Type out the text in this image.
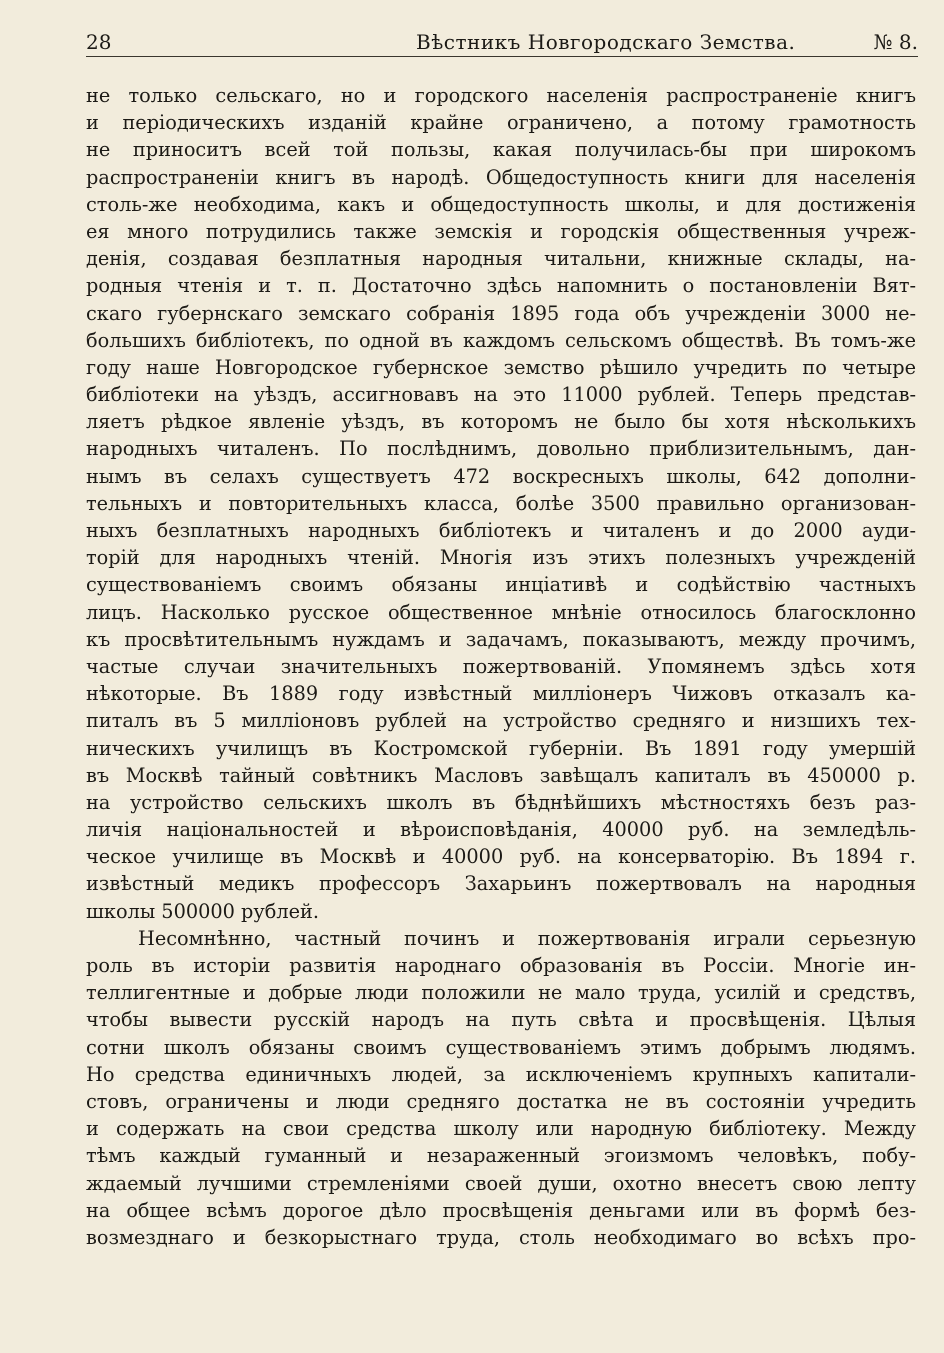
28	Вѣстникъ Новгородскаго Земства.	№ 8.
не только сельскаго, но и городского населенія распространеніе книгъ
и періодическихъ изданій крайне ограничено, а потому грамотность
не приноситъ всей той пользы, какая получилась-бы при широкомъ
распространеніи книгъ въ народѣ. Общедоступность книги для населенія
столь-же необходима, какъ и общедоступность школы, и для достиженія
ея много потрудились также земскія и городскія общественныя учреж-
денія, создавая безплатныя народныя читальни, книжные склады, на-
родныя чтенія и т. п. Достаточно здѣсь напомнить о постановленіи Вят-
скаго губернскаго земскаго собранія 1895 года объ учрежденіи 3000 не-
большихъ библіотекъ, по одной въ каждомъ сельскомъ обществѣ. Въ томъ-же
году наше Новгородское губернское земство рѣшило учредить по четыре
библіотеки на уѣздъ, ассигновавъ на это 11000 рублей. Теперь представ-
ляетъ рѣдкое явленіе уѣздъ, въ которомъ не было бы хотя нѣсколькихъ
народныхъ читаленъ. По послѣднимъ, довольно приблизительнымъ, дан-
нымъ въ селахъ существуетъ 472 воскресныхъ школы, 642 дополни-
тельныхъ и повторительныхъ класса, болѣе 3500 правильно организован-
ныхъ безплатныхъ народныхъ библіотекъ и читаленъ и до 2000 ауди-
торій для народныхъ чтеній. Многія изъ этихъ полезныхъ учрежденій
существованіемъ своимъ обязаны инціативѣ и содѣйствію частныхъ
лицъ. Насколько русское общественное мнѣніе относилось благосклонно
къ просвѣтительнымъ нуждамъ и задачамъ, показываютъ, между прочимъ,
частые случаи значительныхъ пожертвованій. Упомянемъ здѣсь хотя
нѣкоторые. Въ 1889 году извѣстный милліонеръ Чижовъ отказалъ ка-
питалъ въ 5 милліоновъ рублей на устройство средняго и низшихъ тех-
ническихъ училищъ въ Костромской губерніи. Въ 1891 году умершій
въ Москвѣ тайный совѣтникъ Масловъ завѣщалъ капиталъ въ 450000 р.
на устройство сельскихъ школъ въ бѣднѣйшихъ мѣстностяхъ безъ раз-
личія національностей и вѣроисповѣданія, 40000 руб. на земледѣль-
ческое училище въ Москвѣ и 40000 руб. на консерваторію. Въ 1894 г.
извѣстный медикъ профессоръ Захарьинъ пожертвовалъ на народныя
школы 500000 рублей.
Несомнѣнно, частный починъ и пожертвованія играли серьезную
роль въ исторіи развитія народнаго образованія въ Россіи. Многіе ин-
теллигентные и добрые люди положили не мало труда, усилій и средствъ,
чтобы вывести русскій народъ на путь свѣта и просвѣщенія. Цѣлыя
сотни школъ обязаны своимъ существованіемъ этимъ добрымъ людямъ.
Но средства единичныхъ людей, за исключеніемъ крупныхъ капитали-
стовъ, ограничены и люди средняго достатка не въ состояніи учредить
и содержать на свои средства школу или народную библіотеку. Между
тѣмъ каждый гуманный и незараженный эгоизмомъ человѣкъ, побу-
ждаемый лучшими стремленіями своей души, охотно внесетъ свою лепту
на общее всѣмъ дорогое дѣло просвѣщенія деньгами или въ формѣ без-
возмезднаго и безкорыстнаго труда, столь необходимаго во всѣхъ про-
